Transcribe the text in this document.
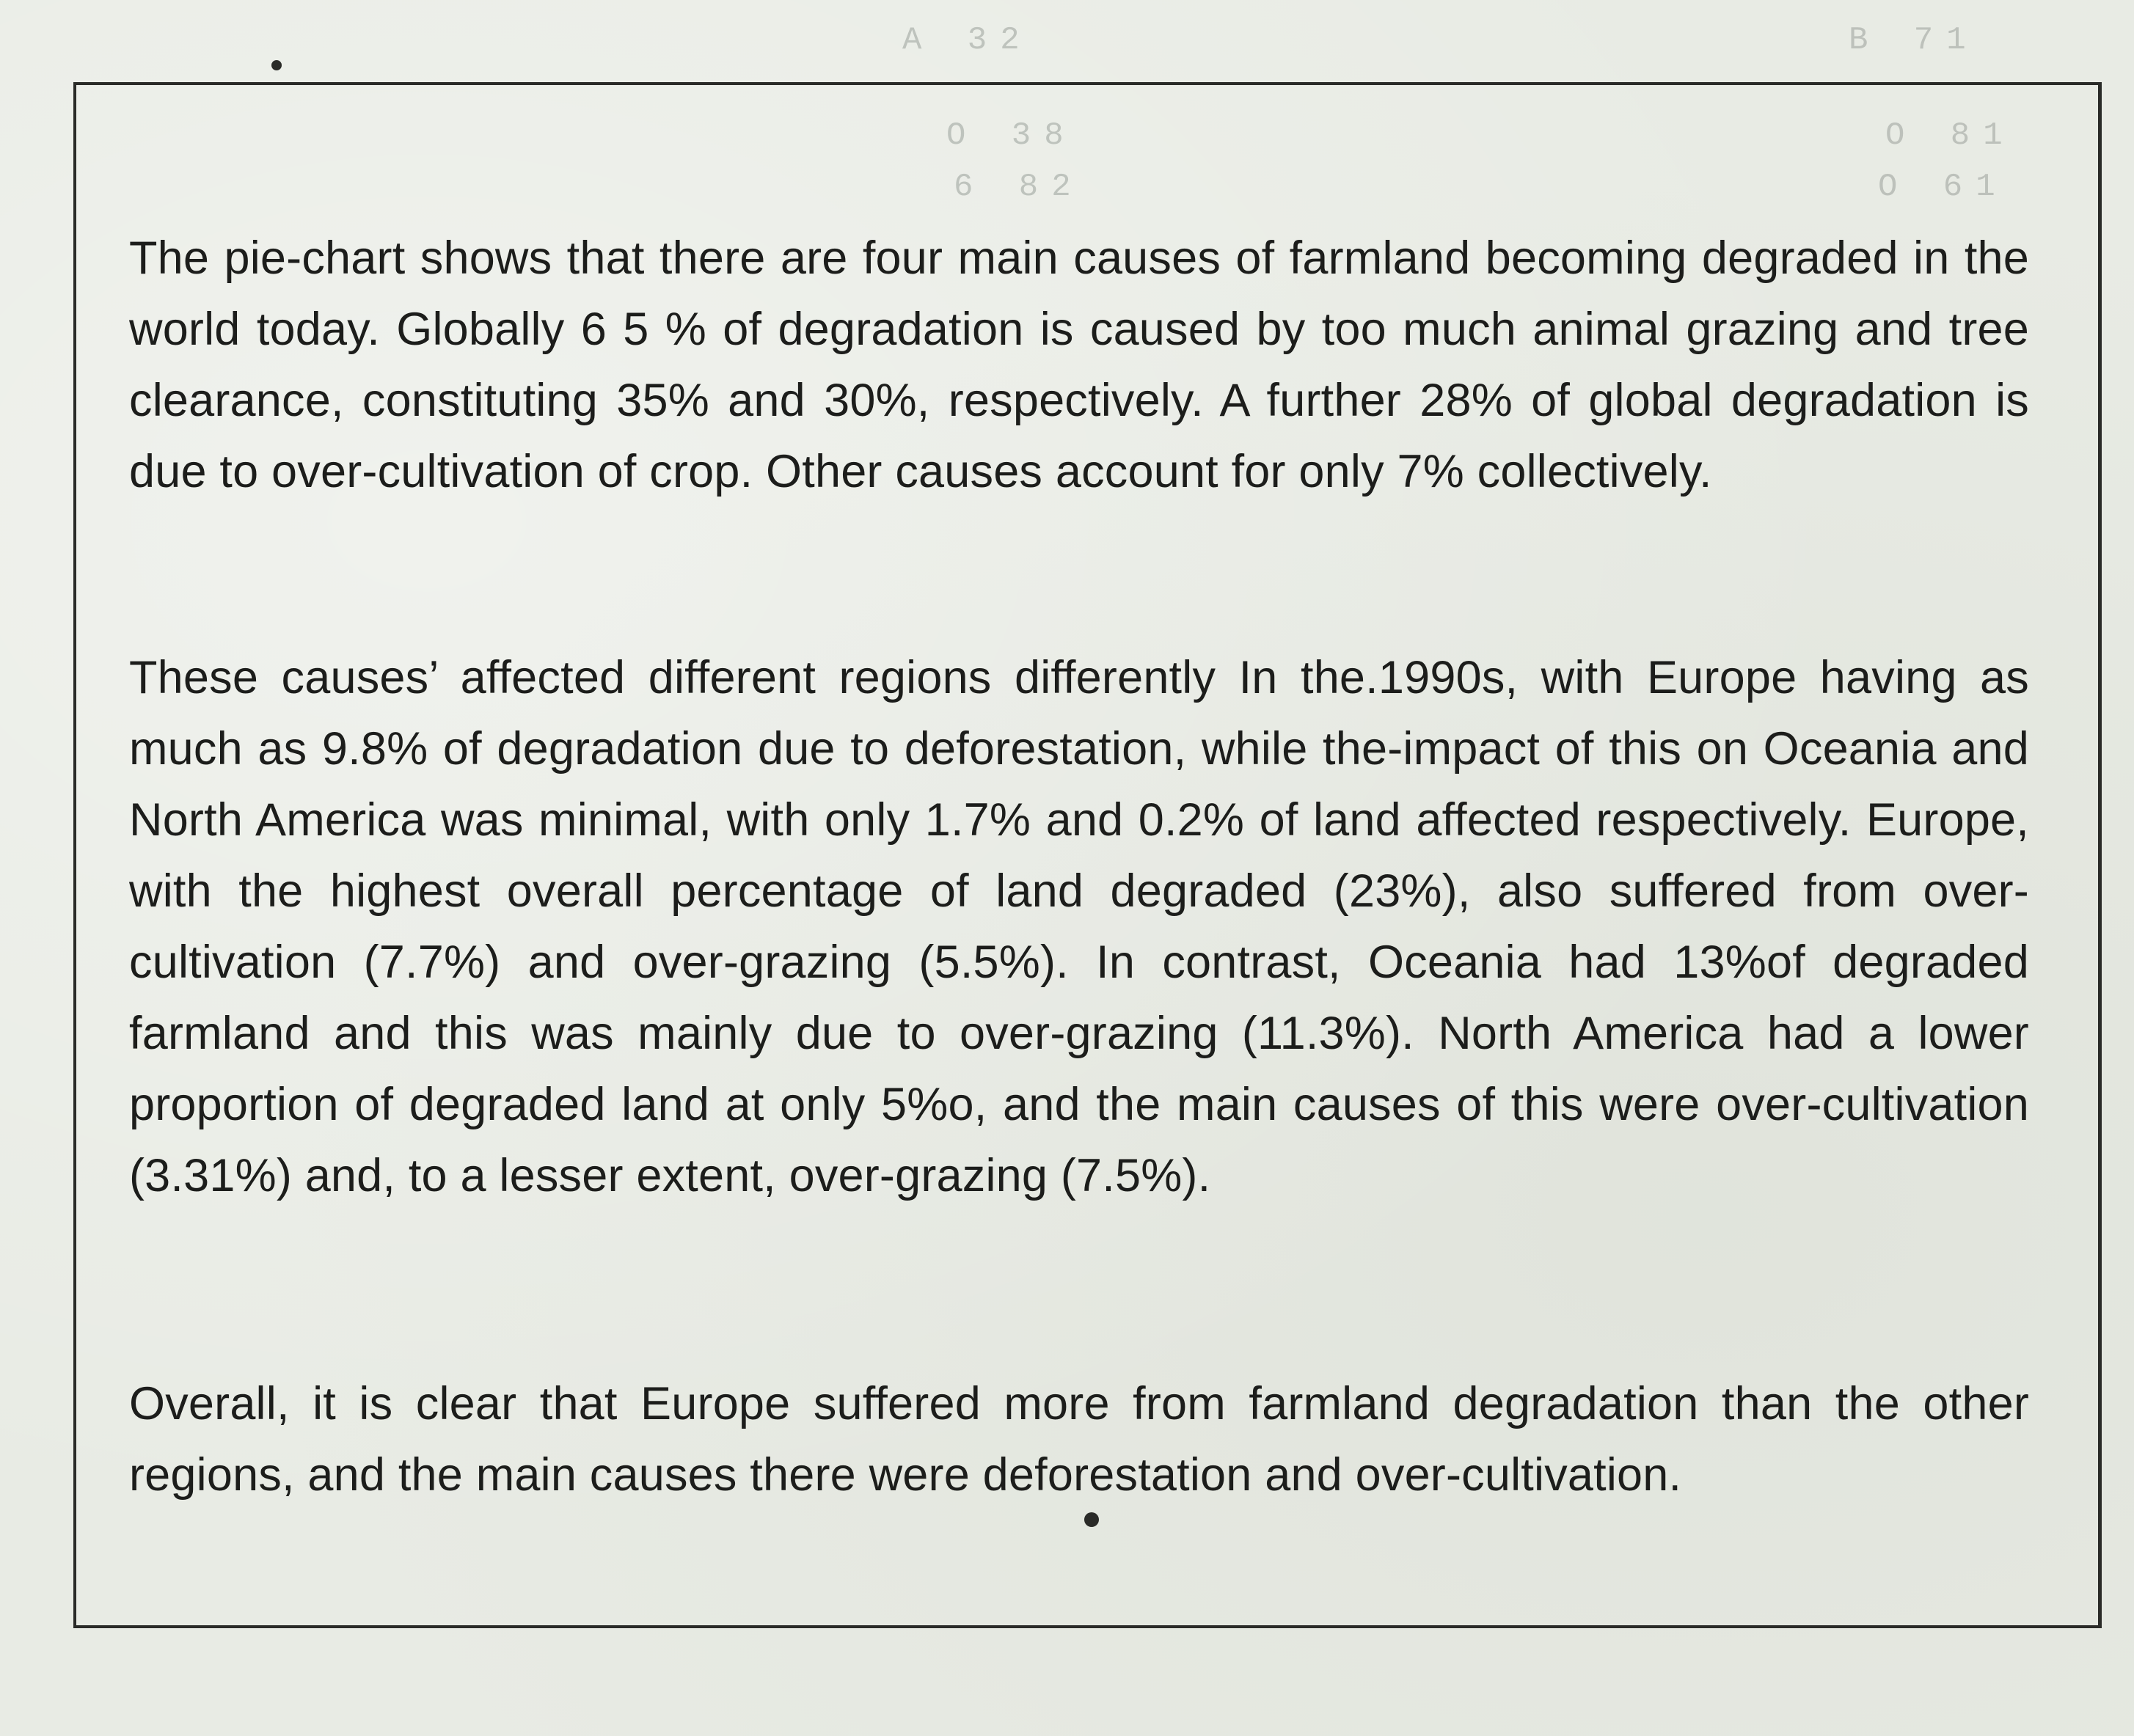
A 32
O 38
6 82
B 71
O 81
O 61

The pie-chart shows that there are four main causes of farmland becoming degraded in the world today. Globally 6 5 % of degradation is caused by too much animal grazing and tree clearance, constituting 35% and 30%, respectively. A further 28% of global degradation is due to over-cultivation of crop. Other causes account for only 7% collectively.

These causes’ affected different regions differently In the.1990s, with Europe having as much as 9.8% of degradation due to deforestation, while the-impact of this on Oceania and North America was minimal, with only 1.7% and 0.2% of land affected respectively. Europe, with the highest overall percentage of land degraded (23%), also suffered from over-cultivation (7.7%) and over-grazing (5.5%). In contrast, Oceania had 13%of degraded farmland and this was mainly due to over-grazing (11.3%). North America had a lower proportion of degraded land at only 5%o, and the main causes of this were over-cultivation (3.31%) and, to a lesser extent, over-grazing (7.5%).

Overall, it is clear that Europe suffered more from farmland degradation than the other regions, and the main causes there were deforestation and over-cultivation.
